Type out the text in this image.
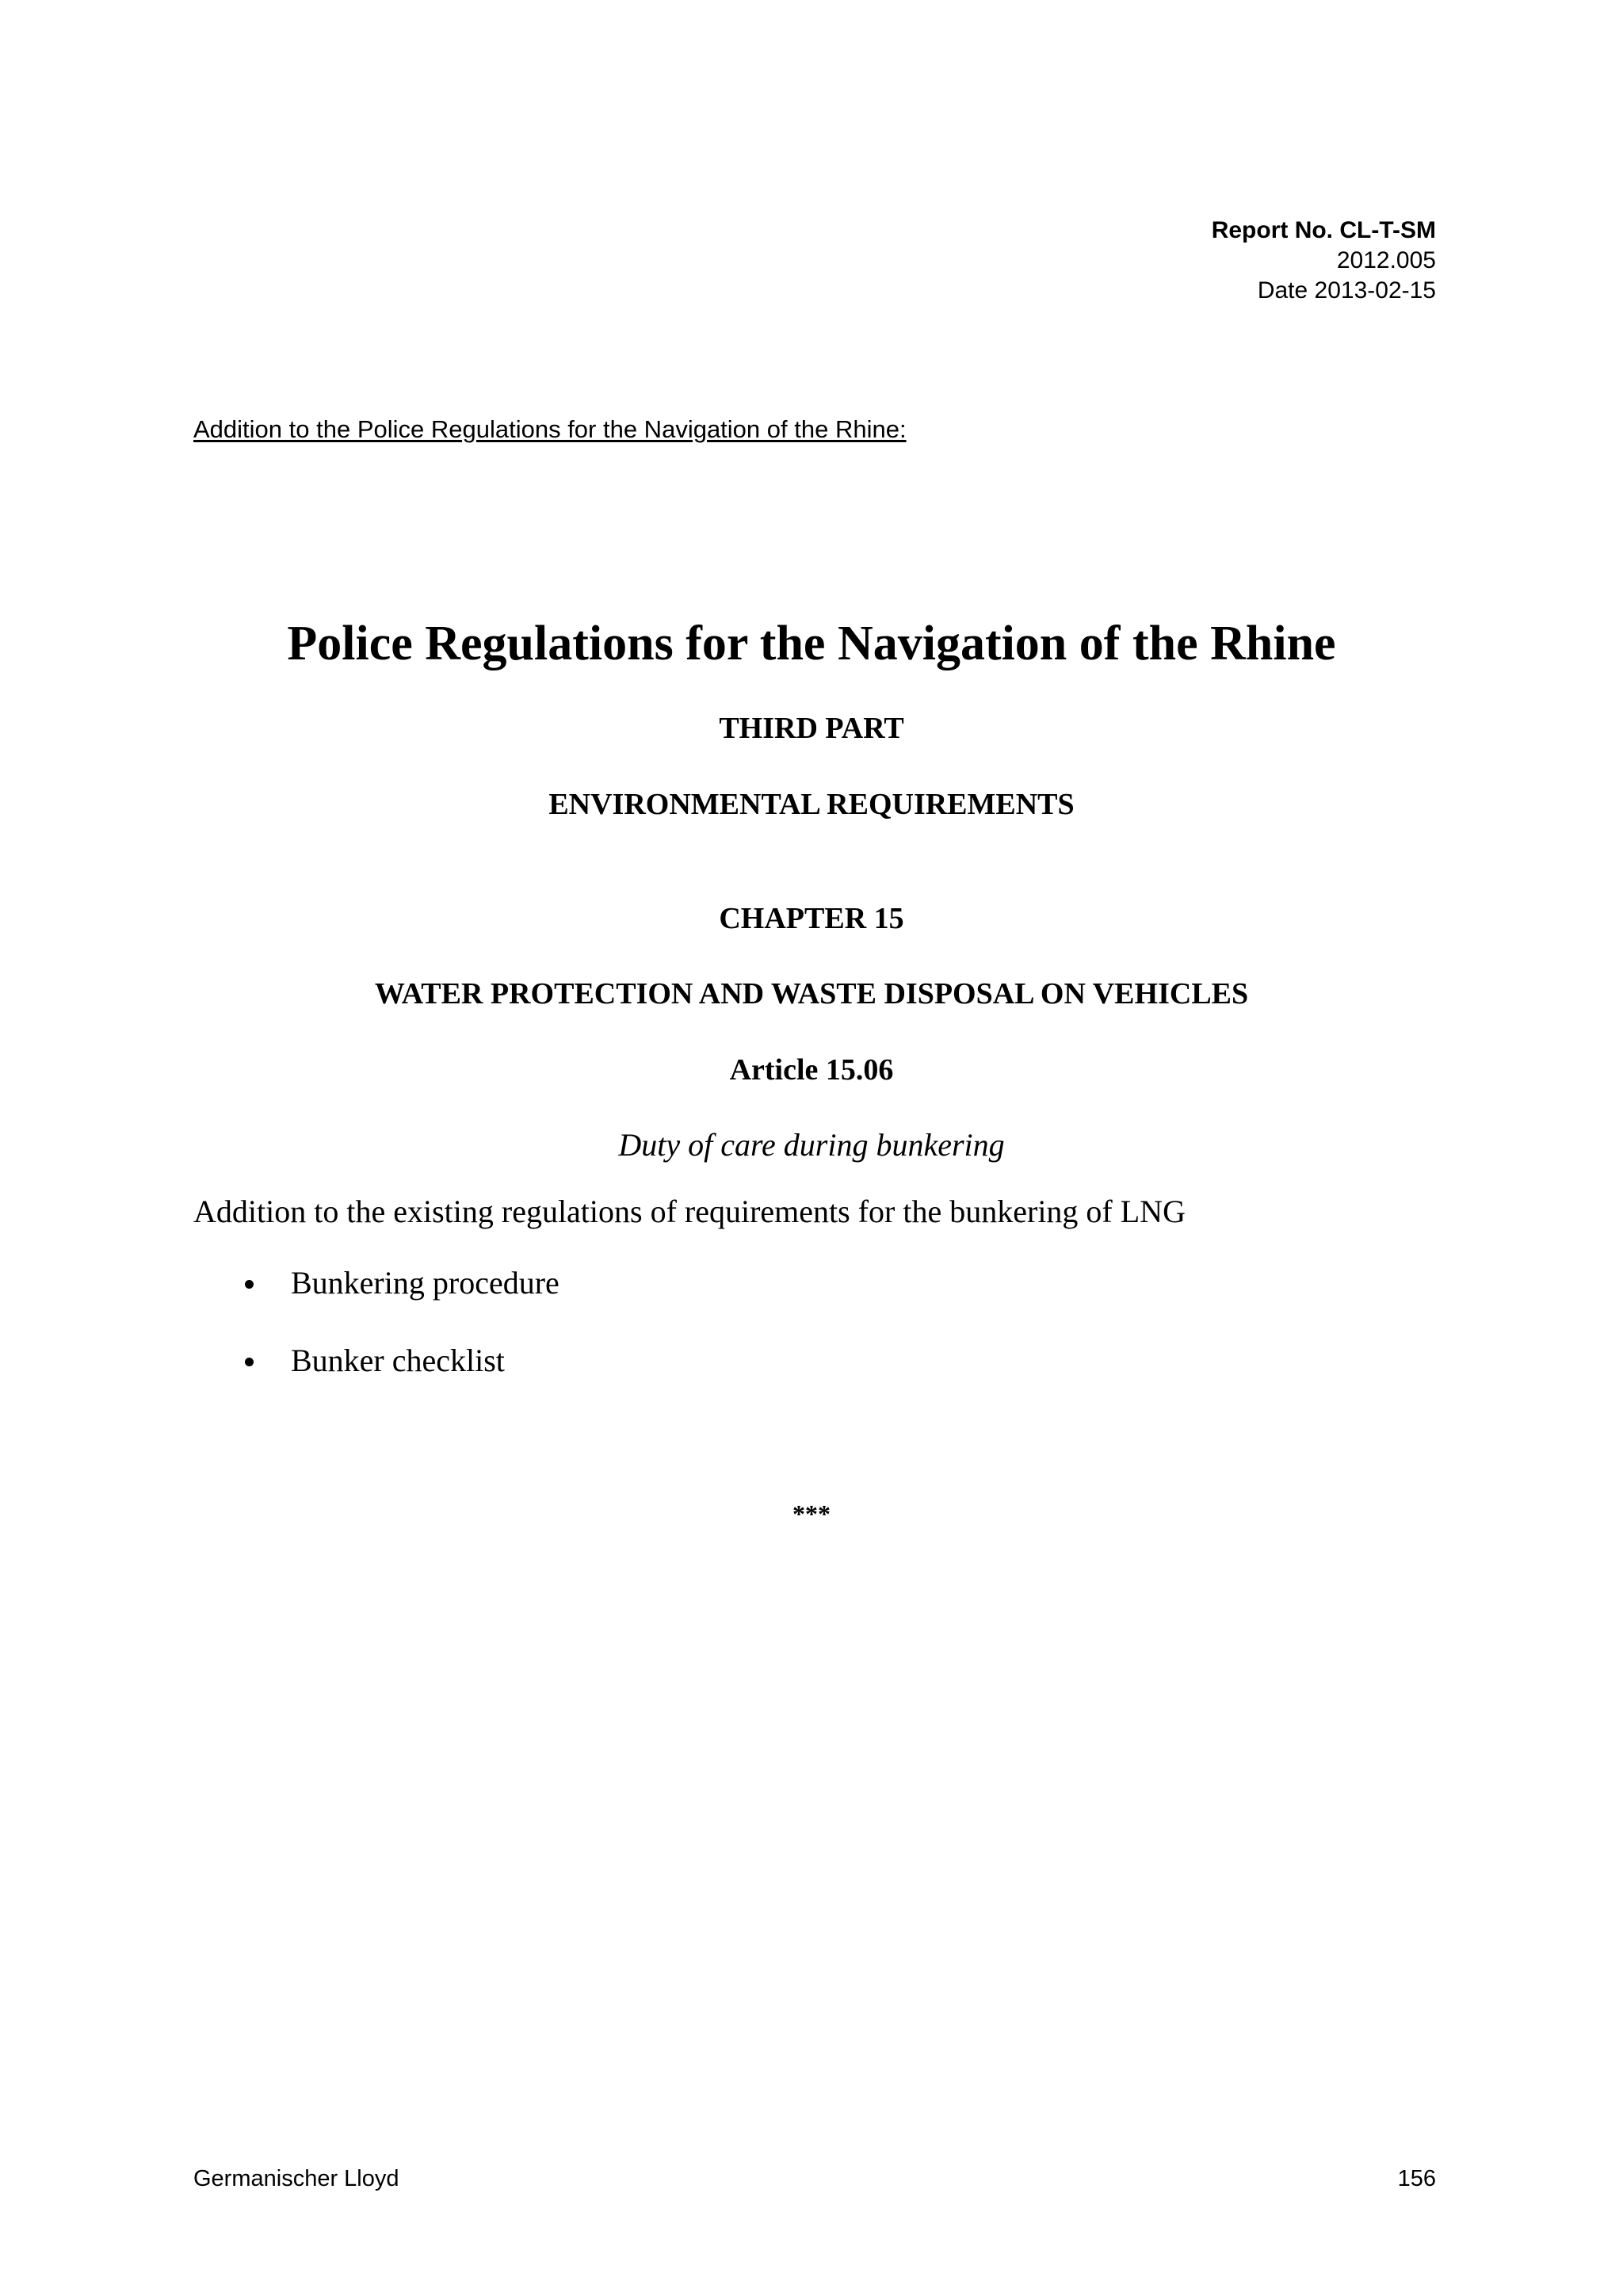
Report No. CL-T-SM
2012.005
Date 2013-02-15
Addition to the Police Regulations for the Navigation of the Rhine:
Police Regulations for the Navigation of the Rhine
THIRD PART
ENVIRONMENTAL REQUIREMENTS
CHAPTER 15
WATER PROTECTION AND WASTE DISPOSAL ON VEHICLES
Article 15.06
Duty of care during bunkering

Addition to the existing regulations of requirements for the bunkering of LNG

Bunkering procedure
Bunker checklist
***
Germanischer Lloyd	156
